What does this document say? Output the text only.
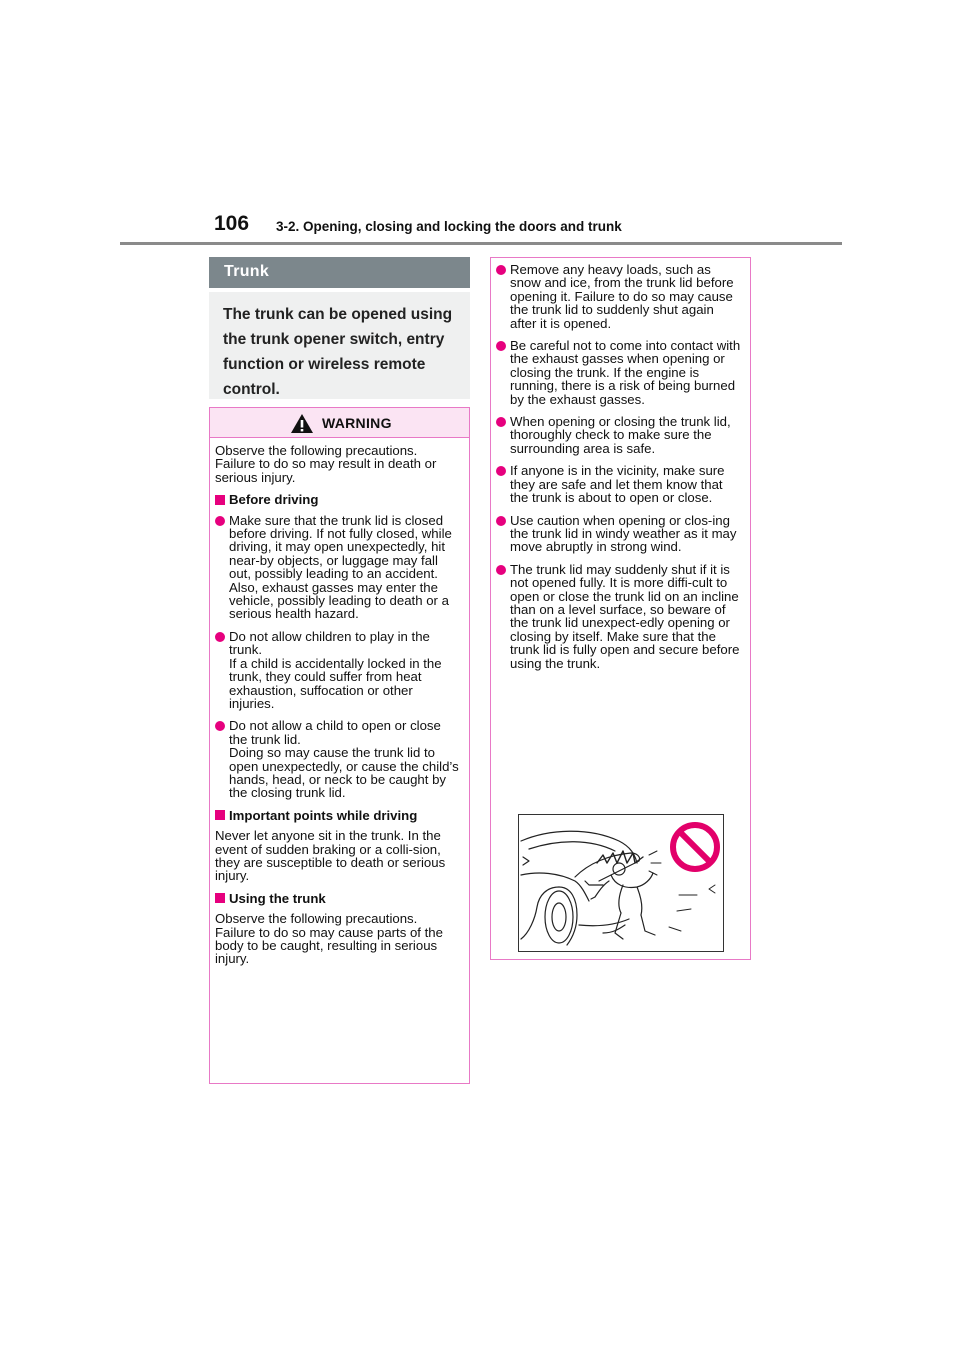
106 3-2. Opening, closing and locking the doors and trunk
Trunk
The trunk can be opened using the trunk opener switch, entry function or wireless remote control.
WARNING

Observe the following precautions. Failure to do so may result in death or serious injury.

Before driving
Make sure that the trunk lid is closed before driving. If not fully closed, while driving, it may open unexpectedly, hit near-by objects, or luggage may fall out, possibly leading to an accident.
Also, exhaust gasses may enter the vehicle, possibly leading to death or a serious health hazard.
Do not allow children to play in the trunk.
If a child is accidentally locked in the trunk, they could suffer from heat exhaustion, suffocation or other injuries.
Do not allow a child to open or close the trunk lid.
Doing so may cause the trunk lid to open unexpectedly, or cause the child’s hands, head, or neck to be caught by the closing trunk lid.
Important points while driving

Never let anyone sit in the trunk. In the event of sudden braking or a colli-sion, they are susceptible to death or serious injury.

Using the trunk

Observe the following precautions. Failure to do so may cause parts of the body to be caught, resulting in serious injury.

Remove any heavy loads, such as snow and ice, from the trunk lid before opening it. Failure to do so may cause the trunk lid to suddenly shut again after it is opened.
Be careful not to come into contact with the exhaust gasses when opening or closing the trunk. If the engine is running, there is a risk of being burned by the exhaust gasses.
When opening or closing the trunk lid, thoroughly check to make sure the surrounding area is safe.
If anyone is in the vicinity, make sure they are safe and let them know that the trunk is about to open or close.
Use caution when opening or clos-ing the trunk lid in windy weather as it may move abruptly in strong wind.
The trunk lid may suddenly shut if it is not opened fully. It is more diffi-cult to open or close the trunk lid on an incline than on a level surface, so beware of the trunk lid unexpect-edly opening or closing by itself. Make sure that the trunk lid is fully open and secure before using the trunk.
